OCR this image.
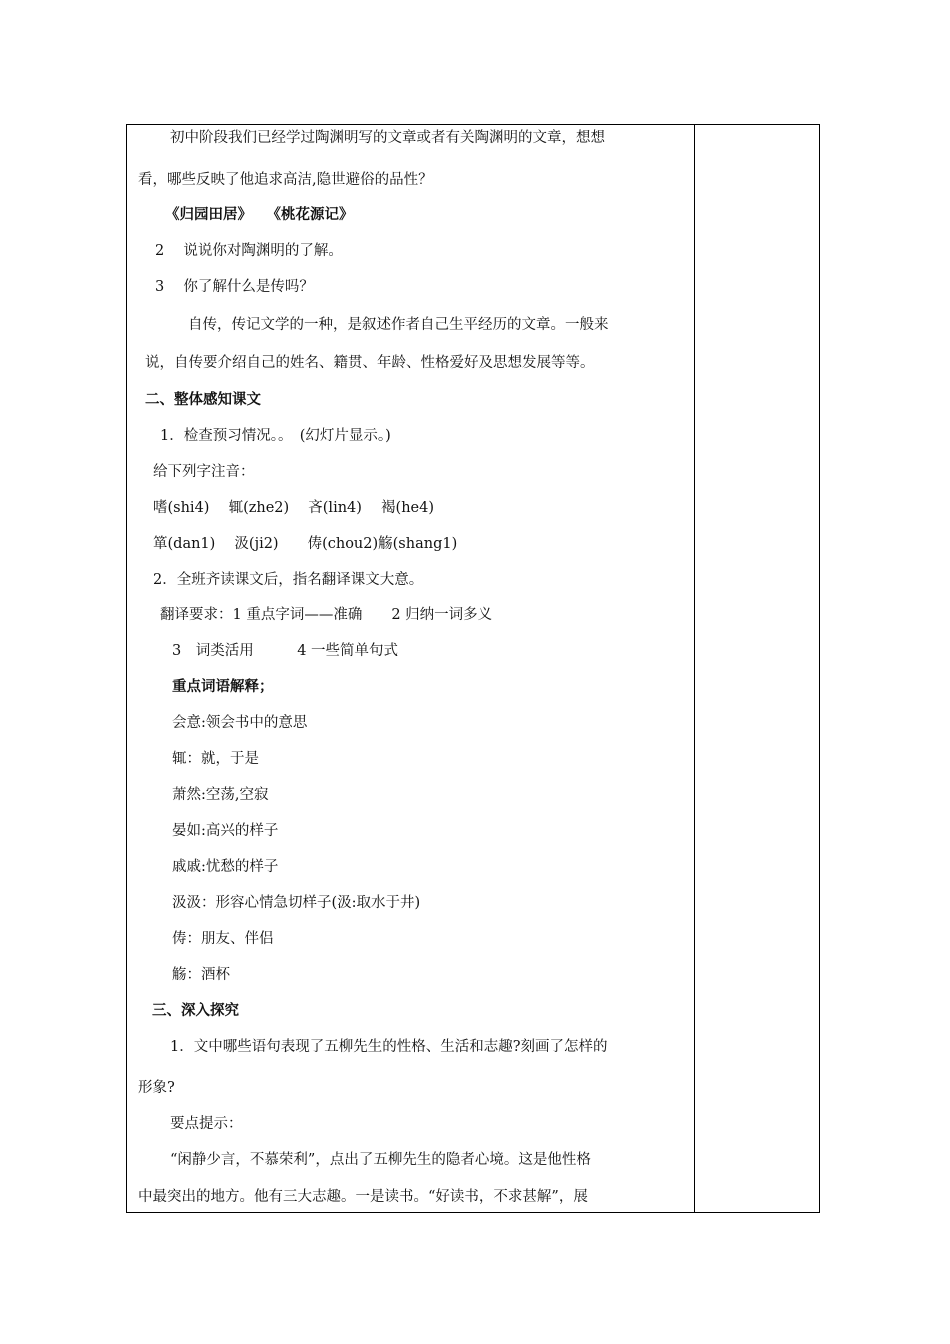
初中阶段我们已经学过陶渊明写的文章或者有关陶渊明的文章，想想
看，哪些反映了他追求高洁,隐世避俗的品性？
《归园田居》　　《桃花源记》
2　 说说你对陶渊明的了解。
3　 你了解什么是传吗？
自传，传记文学的一种，是叙述作者自己生平经历的文章。一般来
说，自传要介绍自己的姓名、籍贯、年龄、性格爱好及思想发展等等。
二、整体感知课文
1．检查预习情况。。　(幻灯片显示。)
给下列字注音：
嗜(shi4)　 辄(zhe2)　 吝(lin4)　 褐(he4)
箪(dan1)　 汲(ji2)　　俦(chou2)觞(shang1)
2．全班齐读课文后，指名翻译课文大意。
翻译要求：1 重点字词——准确　　2 归纳一词多义
3　词类活用　　　4 一些简单句式
重点词语解释；
会意:领会书中的意思
辄：就，于是
萧然:空荡,空寂
晏如:高兴的样子
戚戚:忧愁的样子
汲汲：形容心情急切样子(汲:取水于井)
俦：朋友、伴侣
觞：酒杯
三、深入探究
1．文中哪些语句表现了五柳先生的性格、生活和志趣?刻画了怎样的
形象?
要点提示：
“闲静少言，不慕荣利”，点出了五柳先生的隐者心境。这是他性格
中最突出的地方。他有三大志趣。一是读书。“好读书，不求甚解”，展
